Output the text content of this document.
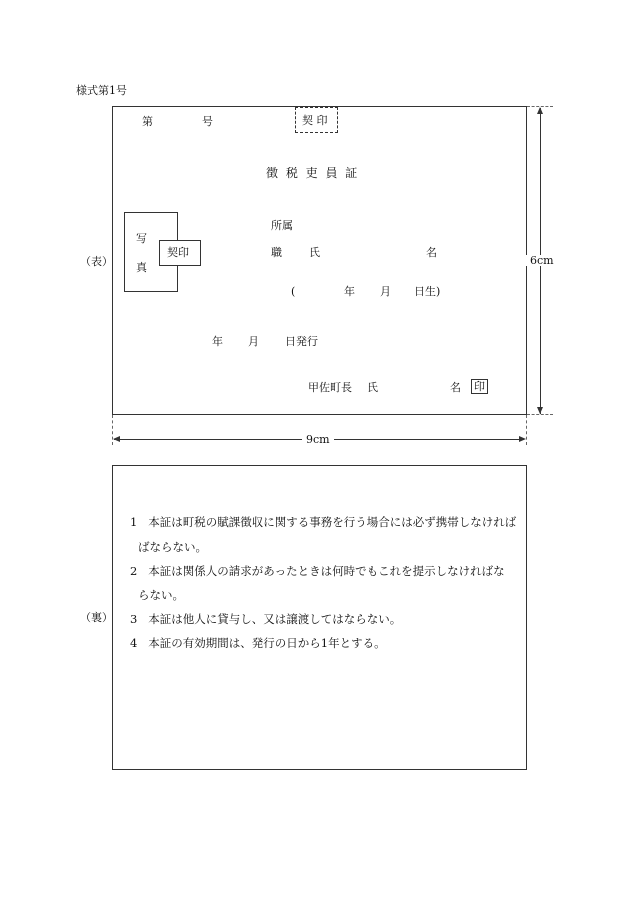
様式第1号
（表）
第	号	契 印
徴 税 吏 員 証
写
真
契印
所属
職 氏	名
(	年 月 日生)
年 月 日発行
甲佐町長 氏	名 印
6cm
9cm
（裏）
1 本証は町税の賦課徴収に関する事務を行う場合には必ず携帯しなければ
ばならない。
2 本証は関係人の請求があったときは何時でもこれを提示しなければな
らない。
3 本証は他人に貸与し、又は譲渡してはならない。
4 本証の有効期間は、発行の日から1年とする。
